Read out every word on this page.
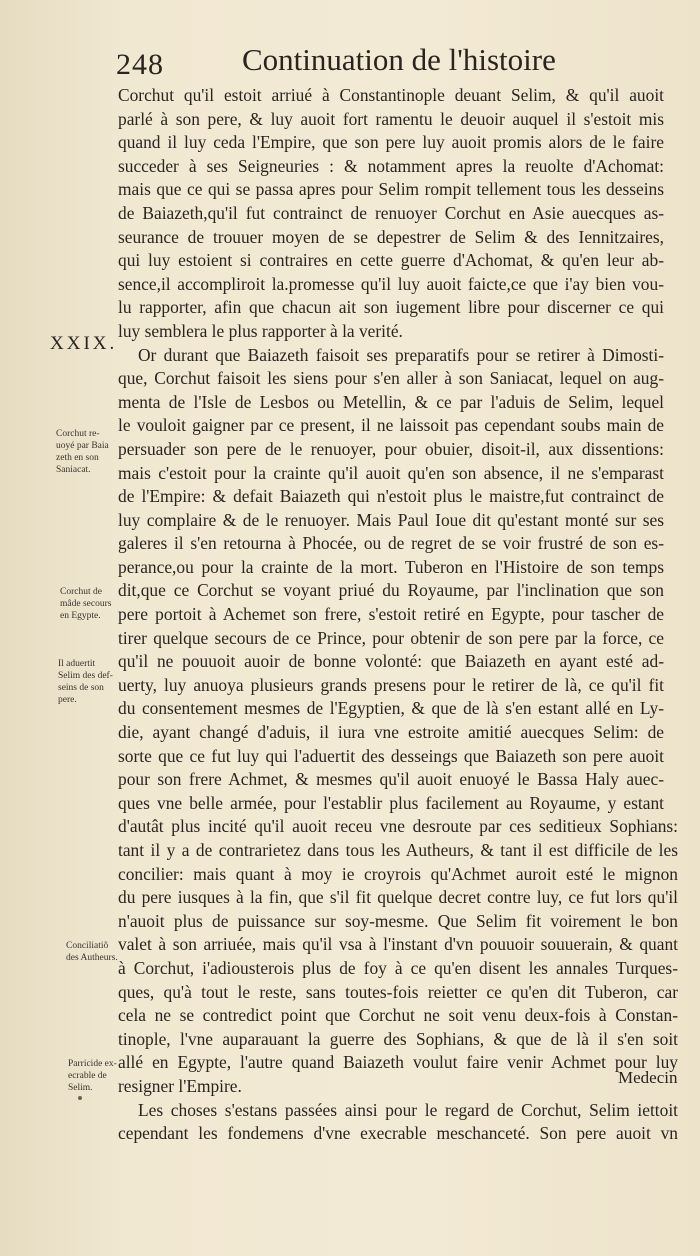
248	Continuation de l'histoire
XXIX.
Corchut qu'il estoit arriué à Constantinople deuant Selim, & qu'il auoit
parlé à son pere, & luy auoit fort ramentu le deuoir auquel il s'estoit mis
quand il luy ceda l'Empire, que son pere luy auoit promis alors de le faire
succeder à ses Seigneuries : & notamment apres la reuolte d'Achomat:
mais que ce qui se passa apres pour Selim rompit tellement tous les desseins
de Baiazeth,qu'il fut contrainct de renuoyer Corchut en Asie auecques as-
seurance de trouuer moyen de se depestrer de Selim & des Iennitzaires,
qui luy estoient si contraires en cette guerre d'Achomat, & qu'en leur ab-
sence,il accompliroit la.promesse qu'il luy auoit faicte,ce que i'ay bien vou-
lu rapporter, afin que chacun ait son iugement libre pour discerner ce qui
luy semblera le plus rapporter à la verité.
Or durant que Baiazeth faisoit ses preparatifs pour se retirer à Dimosti-
que, Corchut faisoit les siens pour s'en aller à son Saniacat, lequel on aug-
menta de l'Isle de Lesbos ou Metellin, & ce par l'aduis de Selim, lequel
le vouloit gaigner par ce present, il ne laissoit pas cependant soubs main de
persuader son pere de le renuoyer, pour obuier, disoit-il, aux dissentions:
mais c'estoit pour la crainte qu'il auoit qu'en son absence, il ne s'emparast
de l'Empire: & defait Baiazeth qui n'estoit plus le maistre,fut contrainct de
luy complaire & de le renuoyer. Mais Paul Ioue dit qu'estant monté sur ses
galeres il s'en retourna à Phocée, ou de regret de se voir frustré de son es-
perance,ou pour la crainte de la mort. Tuberon en l'Histoire de son temps
dit,que ce Corchut se voyant priué du Royaume, par l'inclination que son
pere portoit à Achemet son frere, s'estoit retiré en Egypte, pour tascher de
tirer quelque secours de ce Prince, pour obtenir de son pere par la force, ce
qu'il ne pouuoit auoir de bonne volonté: que Baiazeth en ayant esté ad-
uerty, luy anuoya plusieurs grands presens pour le retirer de là, ce qu'il fit
du consentement mesmes de l'Egyptien, & que de là s'en estant allé en Ly-
die, ayant changé d'aduis, il iura vne estroite amitié auecques Selim: de
sorte que ce fut luy qui l'aduertit des desseings que Baiazeth son pere auoit
pour son frere Achmet, & mesmes qu'il auoit enuoyé le Bassa Haly auec-
ques vne belle armée, pour l'establir plus facilement au Royaume, y estant
d'autât plus incité qu'il auoit receu vne desroute par ces seditieux Sophians:
tant il y a de contrarietez dans tous les Autheurs, & tant il est difficile de les
concilier: mais quant à moy ie croyrois qu'Achmet auroit esté le mignon
du pere iusques à la fin, que s'il fit quelque decret contre luy, ce fut lors qu'il
n'auoit plus de puissance sur soy-mesme. Que Selim fit voirement le bon
valet à son arriuée, mais qu'il vsa à l'instant d'vn pouuoir souuerain, & quant
à Corchut, i'adiousterois plus de foy à ce qu'en disent les annales Turques-
ques, qu'à tout le reste, sans toutes-fois reietter ce qu'en dit Tuberon, car
cela ne se contredict point que Corchut ne soit venu deux-fois à Constan-
tinople, l'vne auparauant la guerre des Sophians, & que de là il s'en soit
allé en Egypte, l'autre quand Baiazeth voulut faire venir Achmet pour luy
resigner l'Empire.
Les choses s'estans passées ainsi pour le regard de Corchut, Selim iettoit
cependant les fondemens d'vne execrable meschanceté. Son pere auoit vn
Corchut re-
uoyé par Baia
zeth en son
Saniacat.
Corchut de
mâde secours
en Egypte.
Il aduertit
Selim des def-
seins de son
pere.
Conciliatiõ
des Autheurs.
Parricide ex-
ecrable de
Selim.
Medecin
